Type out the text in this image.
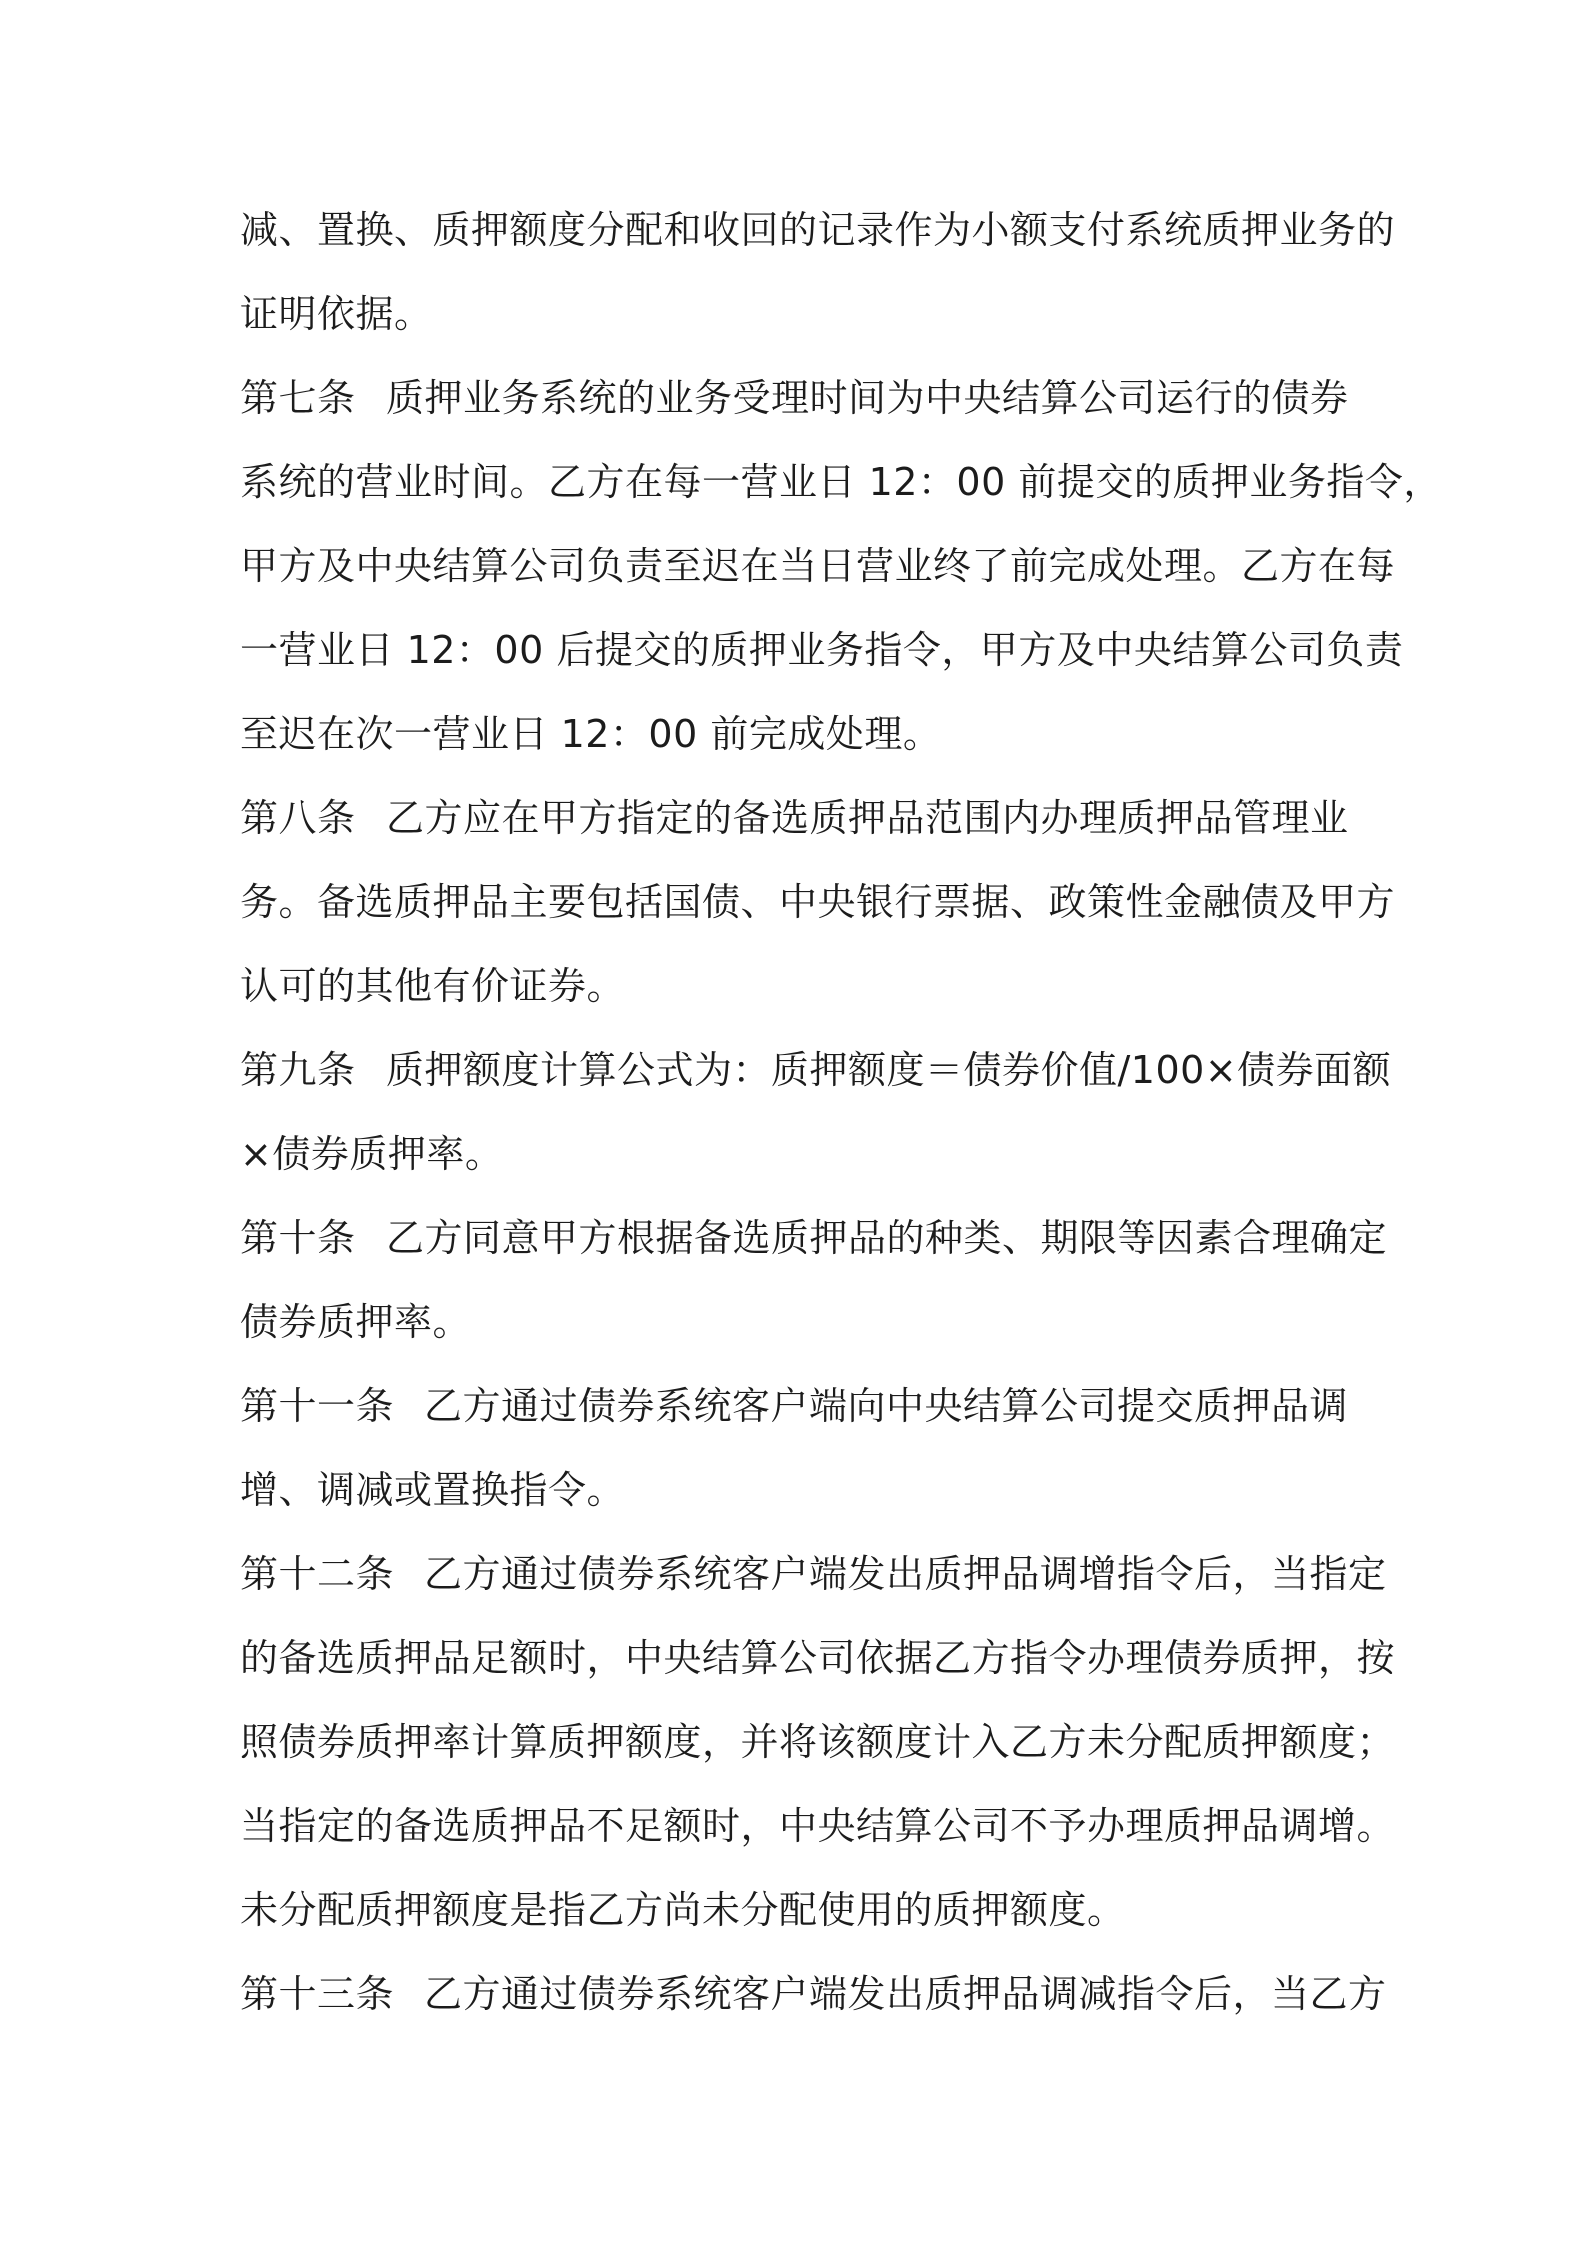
减、置换、质押额度分配和收回的记录作为小额支付系统质押业务的
证明依据。
第七条 质押业务系统的业务受理时间为中央结算公司运行的债券
系统的营业时间。乙方在每一营业日 12：00 前提交的质押业务指令，
甲方及中央结算公司负责至迟在当日营业终了前完成处理。乙方在每
一营业日 12：00 后提交的质押业务指令，甲方及中央结算公司负责
至迟在次一营业日 12：00 前完成处理。
第八条 乙方应在甲方指定的备选质押品范围内办理质押品管理业
务。备选质押品主要包括国债、中央银行票据、政策性金融债及甲方
认可的其他有价证券。
第九条 质押额度计算公式为：质押额度＝债券价值/100×债券面额
×债券质押率。
第十条 乙方同意甲方根据备选质押品的种类、期限等因素合理确定
债券质押率。
第十一条 乙方通过债券系统客户端向中央结算公司提交质押品调
增、调减或置换指令。
第十二条 乙方通过债券系统客户端发出质押品调增指令后，当指定
的备选质押品足额时，中央结算公司依据乙方指令办理债券质押，按
照债券质押率计算质押额度，并将该额度计入乙方未分配质押额度；
当指定的备选质押品不足额时，中央结算公司不予办理质押品调增。
未分配质押额度是指乙方尚未分配使用的质押额度。
第十三条 乙方通过债券系统客户端发出质押品调减指令后，当乙方
